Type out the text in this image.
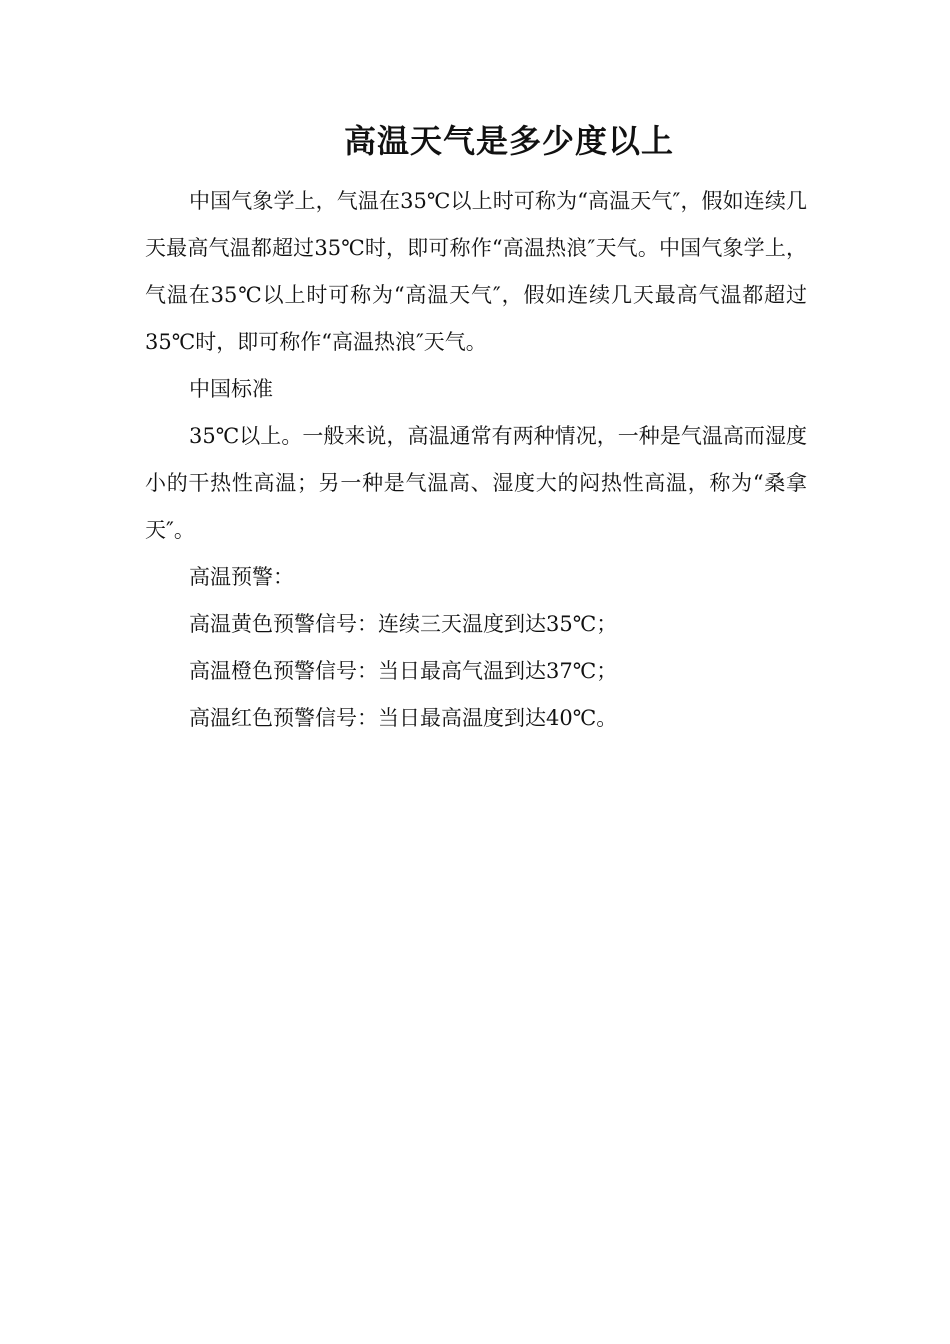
高温天气是多少度以上

中国气象学上，气温在35℃以上时可称为“高温天气″，假如连续几天最高气温都超过35℃时，即可称作“高温热浪″天气。中国气象学上，气温在35℃以上时可称为“高温天气″，假如连续几天最高气温都超过35℃时，即可称作“高温热浪″天气。

中国标准

35℃以上。一般来说，高温通常有两种情况，一种是气温高而湿度小的干热性高温；另一种是气温高、湿度大的闷热性高温，称为“桑拿天″。

高温预警：

高温黄色预警信号：连续三天温度到达35℃；

高温橙色预警信号：当日最高气温到达37℃；

高温红色预警信号：当日最高温度到达40℃。
